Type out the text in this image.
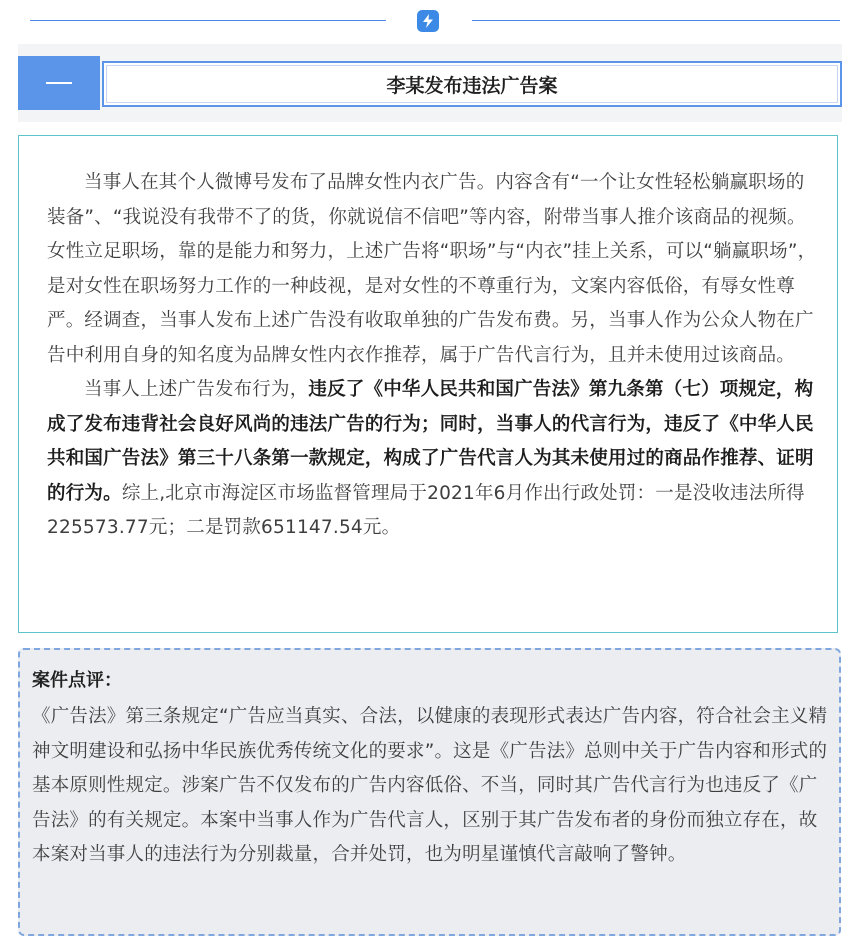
李某发布违法广告案

当事人在其个人微博号发布了品牌女性内衣广告。内容含有“一个让女性轻松躺赢职场的装备”、“我说没有我带不了的货，你就说信不信吧”等内容，附带当事人推介该商品的视频。女性立足职场，靠的是能力和努力，上述广告将“职场”与“内衣”挂上关系，可以“躺赢职场”，是对女性在职场努力工作的一种歧视，是对女性的不尊重行为，文案内容低俗，有辱女性尊严。经调查，当事人发布上述广告没有收取单独的广告发布费。另，当事人作为公众人物在广告中利用自身的知名度为品牌女性内衣作推荐，属于广告代言行为，且并未使用过该商品。

当事人上述广告发布行为，违反了《中华人民共和国广告法》第九条第（七）项规定，构成了发布违背社会良好风尚的违法广告的行为；同时，当事人的代言行为，违反了《中华人民共和国广告法》第三十八条第一款规定，构成了广告代言人为其未使用过的商品作推荐、证明的行为。综上,北京市海淀区市场监督管理局于2021年6月作出行政处罚：一是没收违法所得225573.77元；二是罚款651147.54元。

案件点评：

《广告法》第三条规定“广告应当真实、合法，以健康的表现形式表达广告内容，符合社会主义精神文明建设和弘扬中华民族优秀传统文化的要求”。这是《广告法》总则中关于广告内容和形式的基本原则性规定。涉案广告不仅发布的广告内容低俗、不当，同时其广告代言行为也违反了《广告法》的有关规定。本案中当事人作为广告代言人，区别于其广告发布者的身份而独立存在，故本案对当事人的违法行为分别裁量，合并处罚，也为明星谨慎代言敲响了警钟。
